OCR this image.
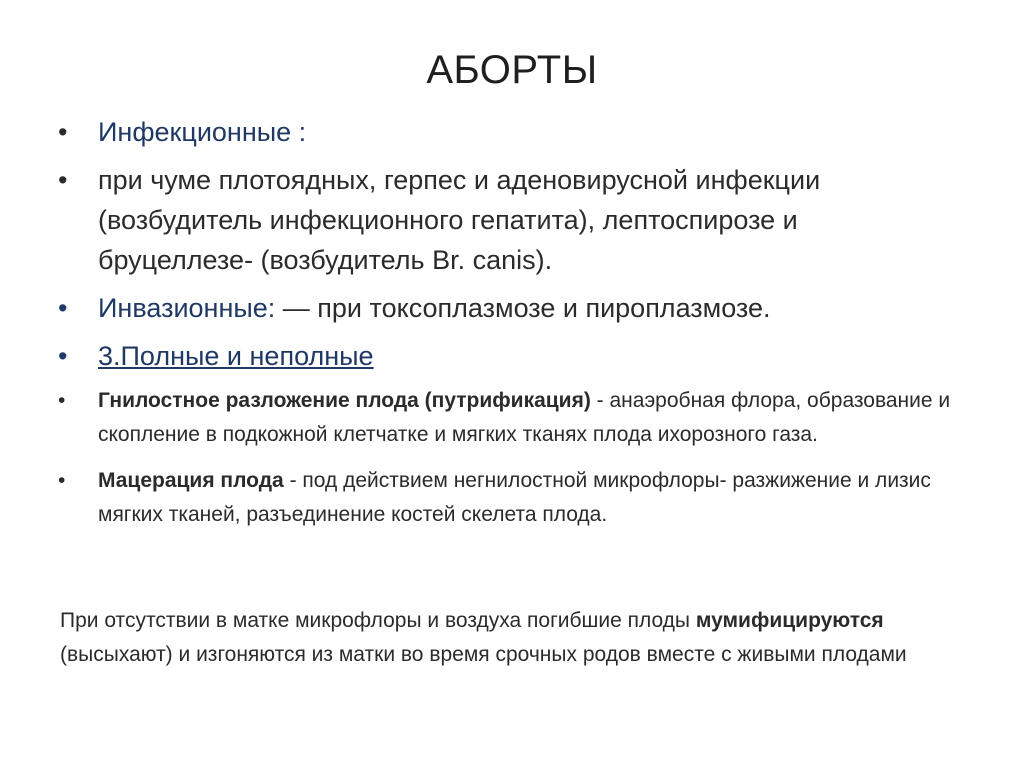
АБОРТЫ
• Инфекционные :
• при чуме плотоядных, герпес и аденовирусной инфекции (возбудитель инфекционного гепатита), лептоспирозе и бруцеллезе- (возбудитель Br. canis).
• Инвазионные: — при токсоплазмозе и пироплазмозе.
• 3.Полные и неполные
• Гнилостное разложение плода (путрификация) - анаэробная флора, образование и скопление в подкожной клетчатке и мягких тканях плода ихорозного газа.
• Мацерация плода - под действием негнилостной микрофлоры- разжижение и лизис мягких тканей, разъединение костей скелета плода.

При отсутствии в матке микрофлоры и воздуха погибшие плоды мумифицируются (высыхают) и изгоняются из матки во время срочных родов вместе с живыми плодами
